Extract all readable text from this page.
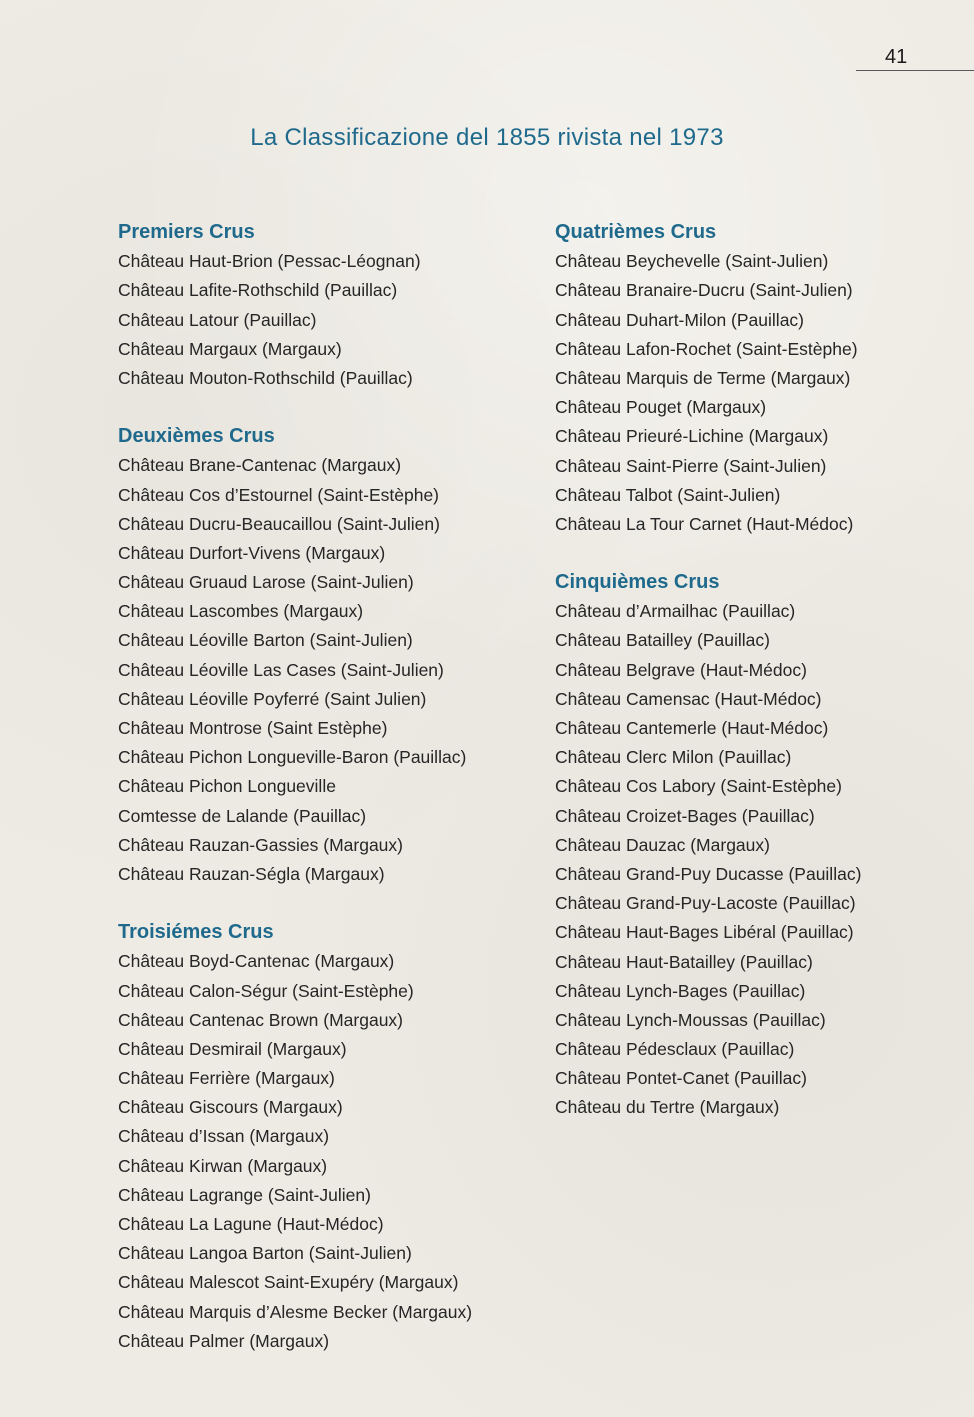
41
La Classificazione del 1855 rivista nel 1973
Premiers Crus
Château Haut-Brion (Pessac-Léognan)
Château Lafite-Rothschild (Pauillac)
Château Latour (Pauillac)
Château Margaux (Margaux)
Château Mouton-Rothschild (Pauillac)
Deuxièmes Crus
Château Brane-Cantenac (Margaux)
Château Cos d’Estournel (Saint-Estèphe)
Château Ducru-Beaucaillou (Saint-Julien)
Château Durfort-Vivens (Margaux)
Château Gruaud Larose (Saint-Julien)
Château Lascombes (Margaux)
Château Léoville Barton (Saint-Julien)
Château Léoville Las Cases (Saint-Julien)
Château Léoville Poyferré (Saint Julien)
Château Montrose (Saint Estèphe)
Château Pichon Longueville-Baron (Pauillac)
Château Pichon Longueville
Comtesse de Lalande (Pauillac)
Château Rauzan-Gassies (Margaux)
Château Rauzan-Ségla (Margaux)
Troisiémes Crus
Château Boyd-Cantenac (Margaux)
Château Calon-Ségur (Saint-Estèphe)
Château Cantenac Brown (Margaux)
Château Desmirail (Margaux)
Château Ferrière (Margaux)
Château Giscours (Margaux)
Château d’Issan (Margaux)
Château Kirwan (Margaux)
Château Lagrange (Saint-Julien)
Château La Lagune (Haut-Médoc)
Château Langoa Barton (Saint-Julien)
Château Malescot Saint-Exupéry (Margaux)
Château Marquis d’Alesme Becker (Margaux)
Château Palmer (Margaux)
Quatrièmes Crus
Château Beychevelle (Saint-Julien)
Château Branaire-Ducru (Saint-Julien)
Château Duhart-Milon (Pauillac)
Château Lafon-Rochet (Saint-Estèphe)
Château Marquis de Terme (Margaux)
Château Pouget (Margaux)
Château Prieuré-Lichine (Margaux)
Château Saint-Pierre (Saint-Julien)
Château Talbot (Saint-Julien)
Château La Tour Carnet (Haut-Médoc)
Cinquièmes Crus
Château d’Armailhac (Pauillac)
Château Batailley (Pauillac)
Château Belgrave (Haut-Médoc)
Château Camensac (Haut-Médoc)
Château Cantemerle (Haut-Médoc)
Château Clerc Milon (Pauillac)
Château Cos Labory (Saint-Estèphe)
Château Croizet-Bages (Pauillac)
Château Dauzac (Margaux)
Château Grand-Puy Ducasse (Pauillac)
Château Grand-Puy-Lacoste (Pauillac)
Château Haut-Bages Libéral (Pauillac)
Château Haut-Batailley (Pauillac)
Château Lynch-Bages (Pauillac)
Château Lynch-Moussas (Pauillac)
Château Pédesclaux (Pauillac)
Château Pontet-Canet (Pauillac)
Château du Tertre (Margaux)
